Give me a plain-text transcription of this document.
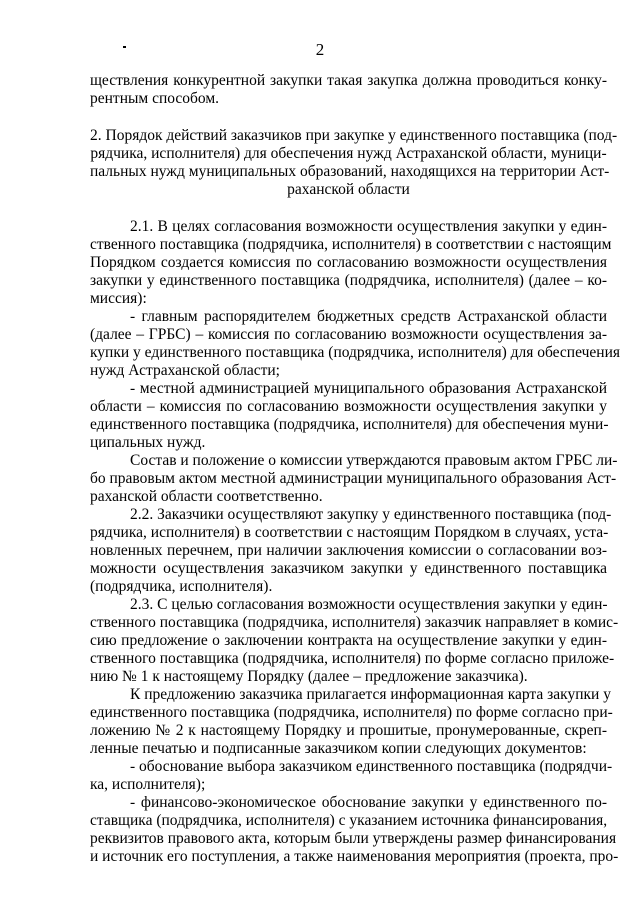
2
ществления конкурентной закупки такая закупка должна проводиться конку-
рентным способом.
2. Порядок действий заказчиков при закупке у единственного поставщика (под-
рядчика, исполнителя) для обеспечения нужд Астраханской области, муници-
пальных нужд муниципальных образований, находящихся на территории Аст-
раханской области
2.1. В целях согласования возможности осуществления закупки у един-
ственного поставщика (подрядчика, исполнителя) в соответствии с настоящим
Порядком создается комиссия по согласованию возможности осуществления
закупки у единственного поставщика (подрядчика, исполнителя) (далее – ко-
миссия):
- главным распорядителем бюджетных средств Астраханской области
(далее – ГРБС) – комиссия по согласованию возможности осуществления за-
купки у единственного поставщика (подрядчика, исполнителя) для обеспечения
нужд Астраханской области;
- местной администрацией муниципального образования Астраханской
области – комиссия по согласованию возможности осуществления закупки у
единственного поставщика (подрядчика, исполнителя) для обеспечения муни-
ципальных нужд.
Состав и положение о комиссии утверждаются правовым актом ГРБС ли-
бо правовым актом местной администрации муниципального образования Аст-
раханской области соответственно.
2.2. Заказчики осуществляют закупку у единственного поставщика (под-
рядчика, исполнителя) в соответствии с настоящим Порядком в случаях, уста-
новленных перечнем, при наличии заключения комиссии о согласовании воз-
можности осуществления заказчиком закупки у единственного поставщика
(подрядчика, исполнителя).
2.3. С целью согласования возможности осуществления закупки у един-
ственного поставщика (подрядчика, исполнителя) заказчик направляет в комис-
сию предложение о заключении контракта на осуществление закупки у един-
ственного поставщика (подрядчика, исполнителя) по форме согласно приложе-
нию № 1 к настоящему Порядку (далее – предложение заказчика).
К предложению заказчика прилагается информационная карта закупки у
единственного поставщика (подрядчика, исполнителя) по форме согласно при-
ложению № 2 к настоящему Порядку и прошитые, пронумерованные, скреп-
ленные печатью и подписанные заказчиком копии следующих документов:
- обоснование выбора заказчиком единственного поставщика (подрядчи-
ка, исполнителя);
- финансово-экономическое обоснование закупки у единственного по-
ставщика (подрядчика, исполнителя) с указанием источника финансирования,
реквизитов правового акта, которым были утверждены размер финансирования
и источник его поступления, а также наименования мероприятия (проекта, про-
